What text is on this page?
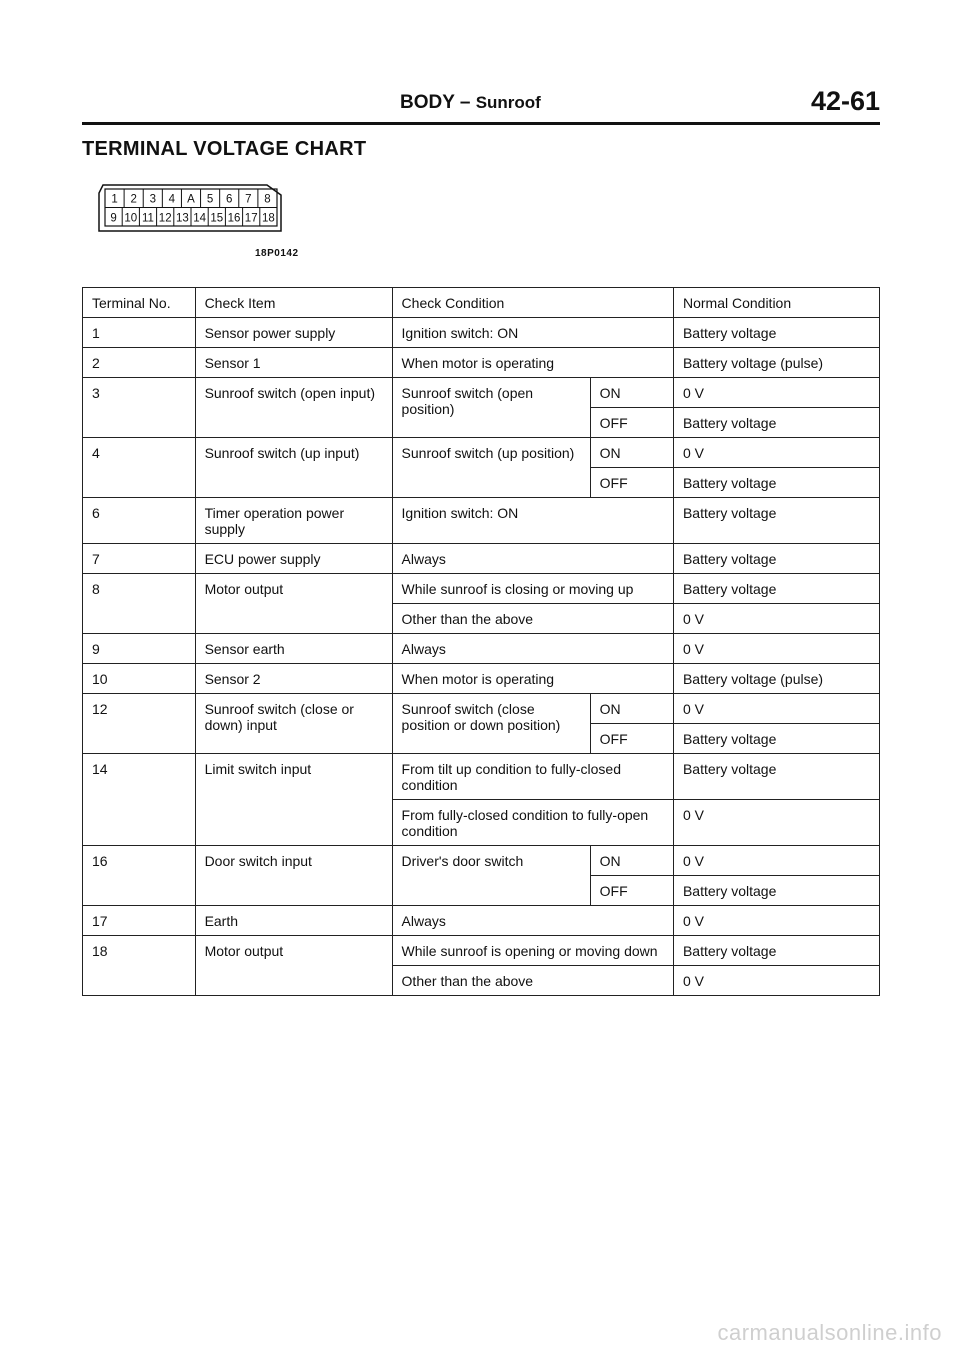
BODY – Sunroof	42-61
TERMINAL VOLTAGE CHART
1 2 3 4 A 5 6 7 8
9 10 11 12 13 14 15 16 17 18
18P0142
Terminal No.	Check Item	Check Condition		Normal Condition
1	Sensor power supply	Ignition switch: ON		Battery voltage
2	Sensor 1	When motor is operating		Battery voltage (pulse)
3	Sunroof switch (open input)	Sunroof switch (open position)	ON	0 V
			OFF	Battery voltage
4	Sunroof switch (up input)	Sunroof switch (up position)	ON	0 V
			OFF	Battery voltage
6	Timer operation power supply	Ignition switch: ON		Battery voltage
7	ECU power supply	Always		Battery voltage
8	Motor output	While sunroof is closing or moving up		Battery voltage
		Other than the above		0 V
9	Sensor earth	Always		0 V
10	Sensor 2	When motor is operating		Battery voltage (pulse)
12	Sunroof switch (close or down) input	Sunroof switch (close position or down position)	ON	0 V
			OFF	Battery voltage
14	Limit switch input	From tilt up condition to fully-closed condition		Battery voltage
		From fully-closed condition to fully-open condition		0 V
16	Door switch input	Driver's door switch	ON	0 V
			OFF	Battery voltage
17	Earth	Always		0 V
18	Motor output	While sunroof is opening or moving down		Battery voltage
		Other than the above		0 V
carmanualsonline.info
